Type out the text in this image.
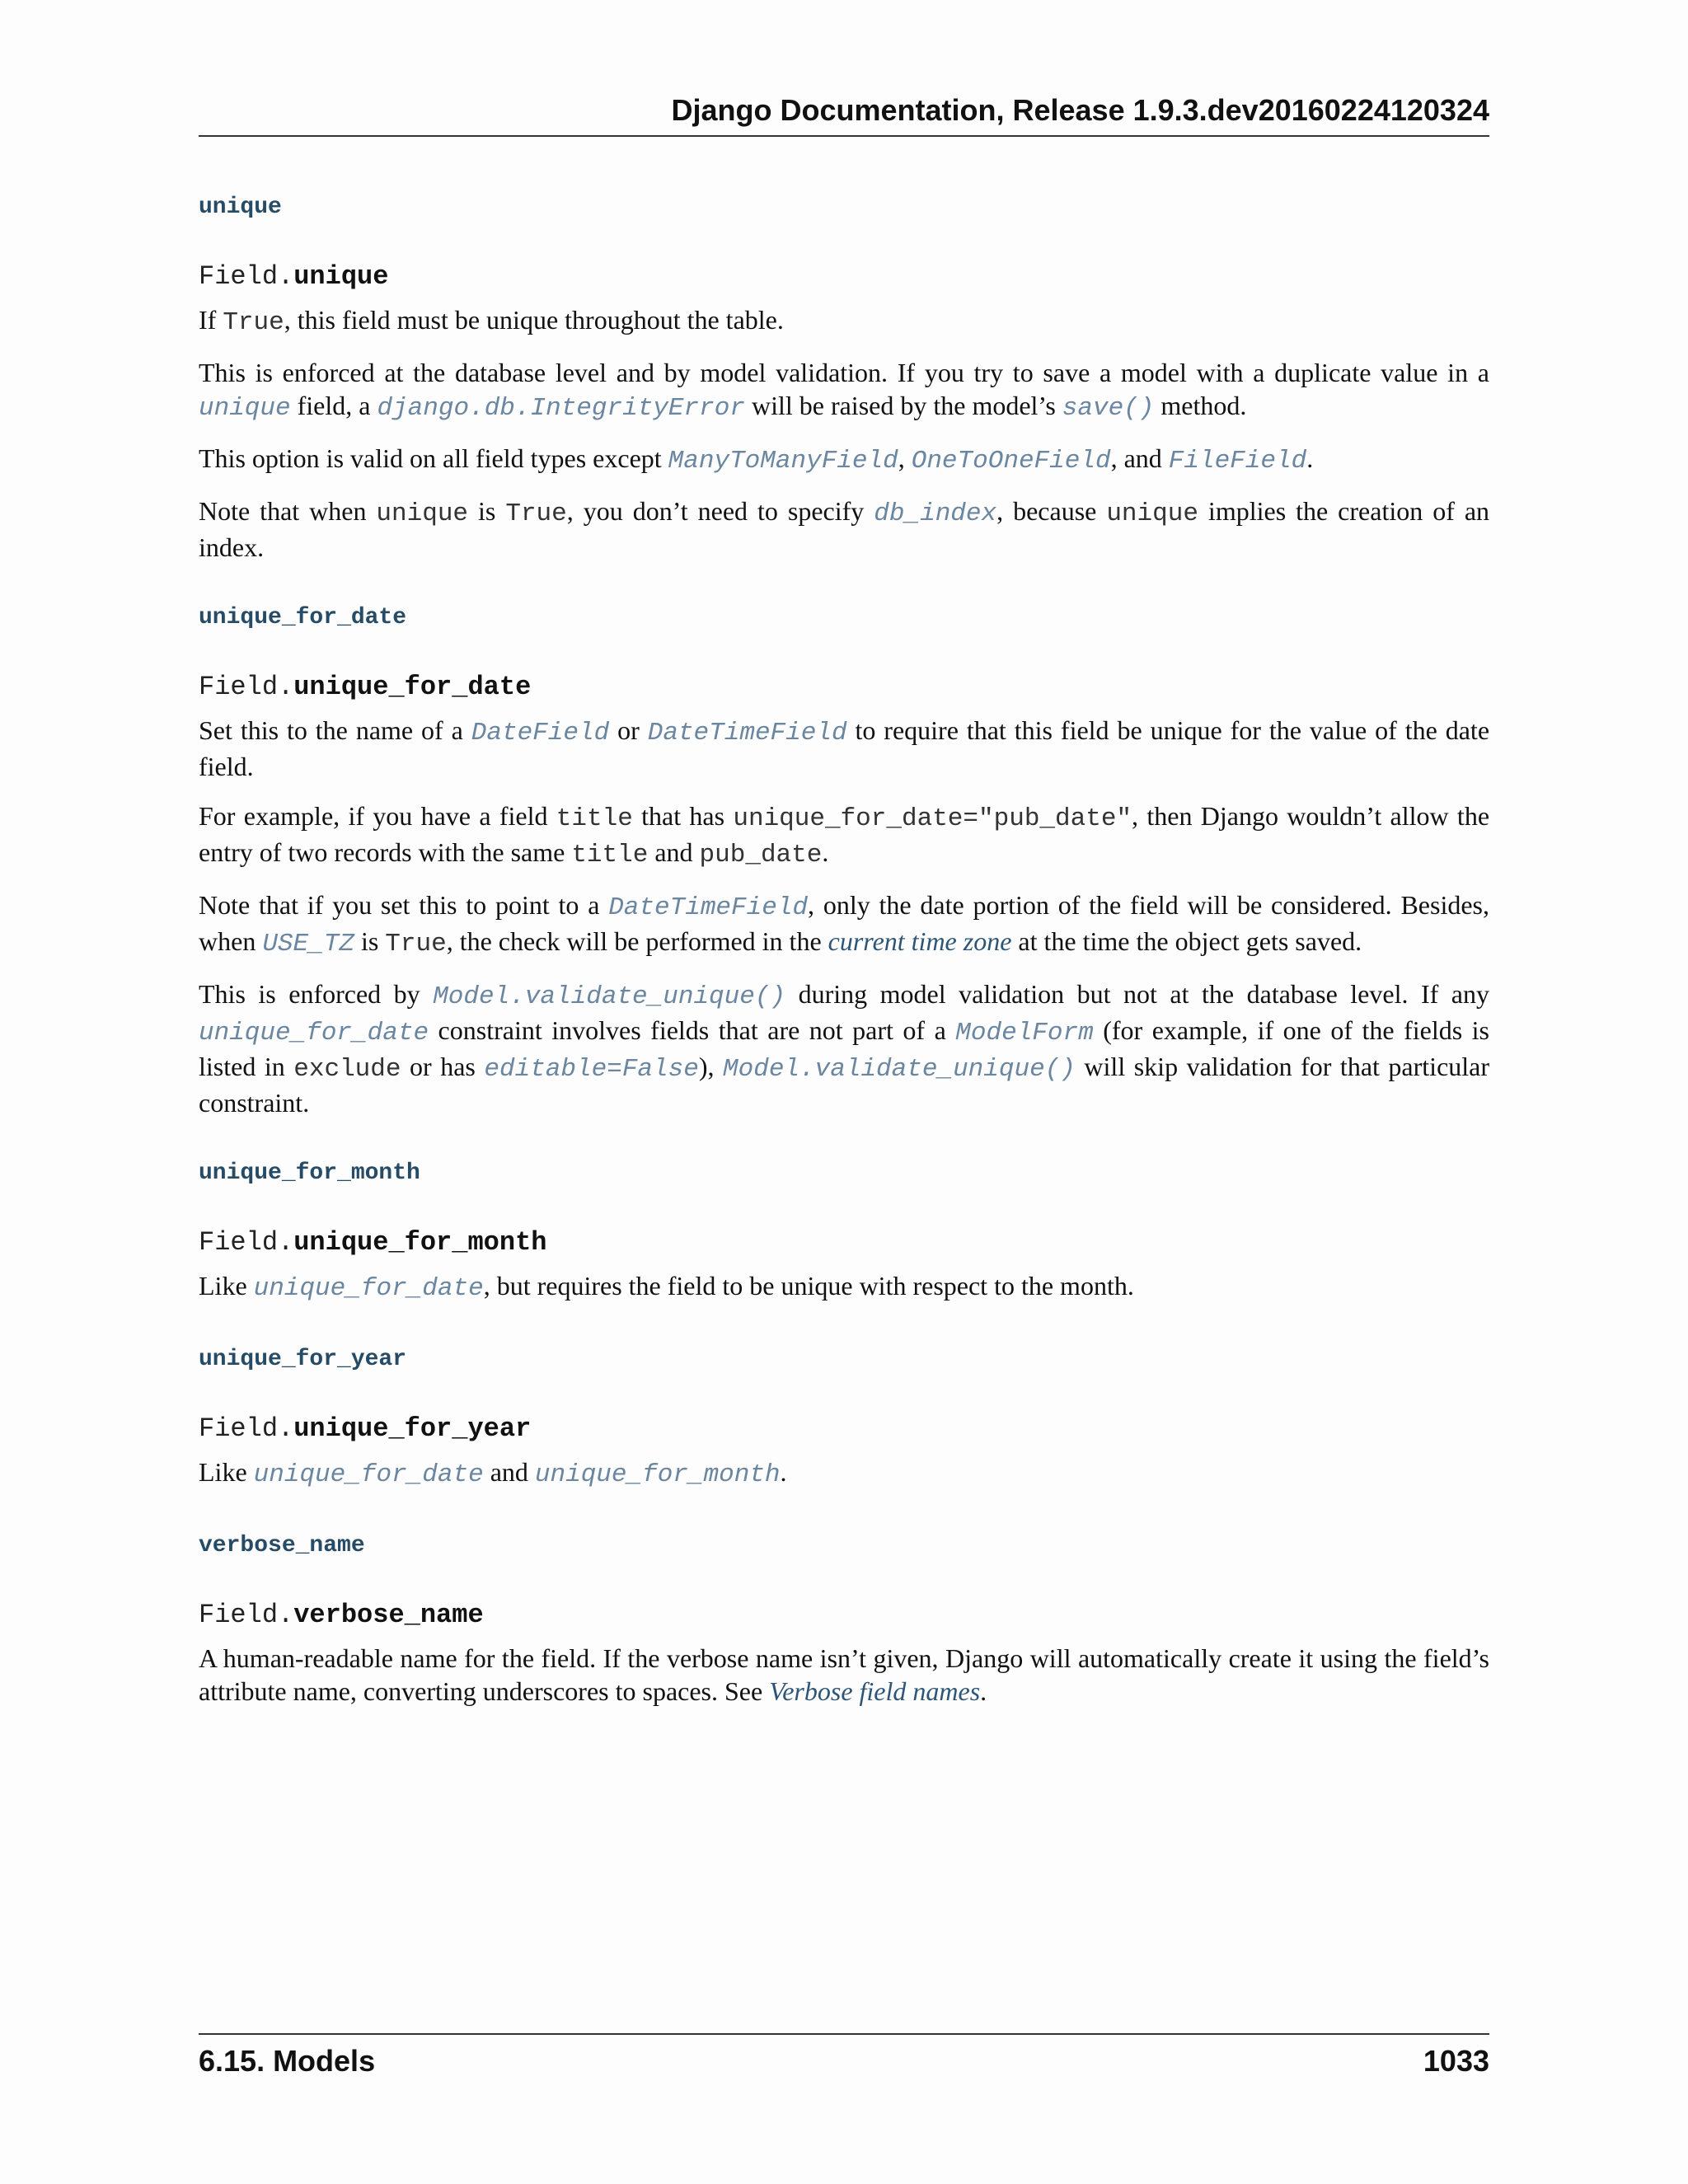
Django Documentation, Release 1.9.3.dev20160224120324
unique
Field.unique

If True, this field must be unique throughout the table.

This is enforced at the database level and by model validation. If you try to save a model with a duplicate value in a unique field, a django.db.IntegrityError will be raised by the model’s save() method.

This option is valid on all field types except ManyToManyField, OneToOneField, and FileField.

Note that when unique is True, you don’t need to specify db_index, because unique implies the creation of an index.

unique_for_date
Field.unique_for_date

Set this to the name of a DateField or DateTimeField to require that this field be unique for the value of the date field.

For example, if you have a field title that has unique_for_date="pub_date", then Django wouldn’t allow the entry of two records with the same title and pub_date.

Note that if you set this to point to a DateTimeField, only the date portion of the field will be considered. Besides, when USE_TZ is True, the check will be performed in the current time zone at the time the object gets saved.

This is enforced by Model.validate_unique() during model validation but not at the database level. If any unique_for_date constraint involves fields that are not part of a ModelForm (for example, if one of the fields is listed in exclude or has editable=False), Model.validate_unique() will skip validation for that particular constraint.

unique_for_month
Field.unique_for_month

Like unique_for_date, but requires the field to be unique with respect to the month.

unique_for_year
Field.unique_for_year

Like unique_for_date and unique_for_month.

verbose_name
Field.verbose_name

A human-readable name for the field. If the verbose name isn’t given, Django will automatically create it using the field’s attribute name, converting underscores to spaces. See Verbose field names.

6.15. Models	1033
